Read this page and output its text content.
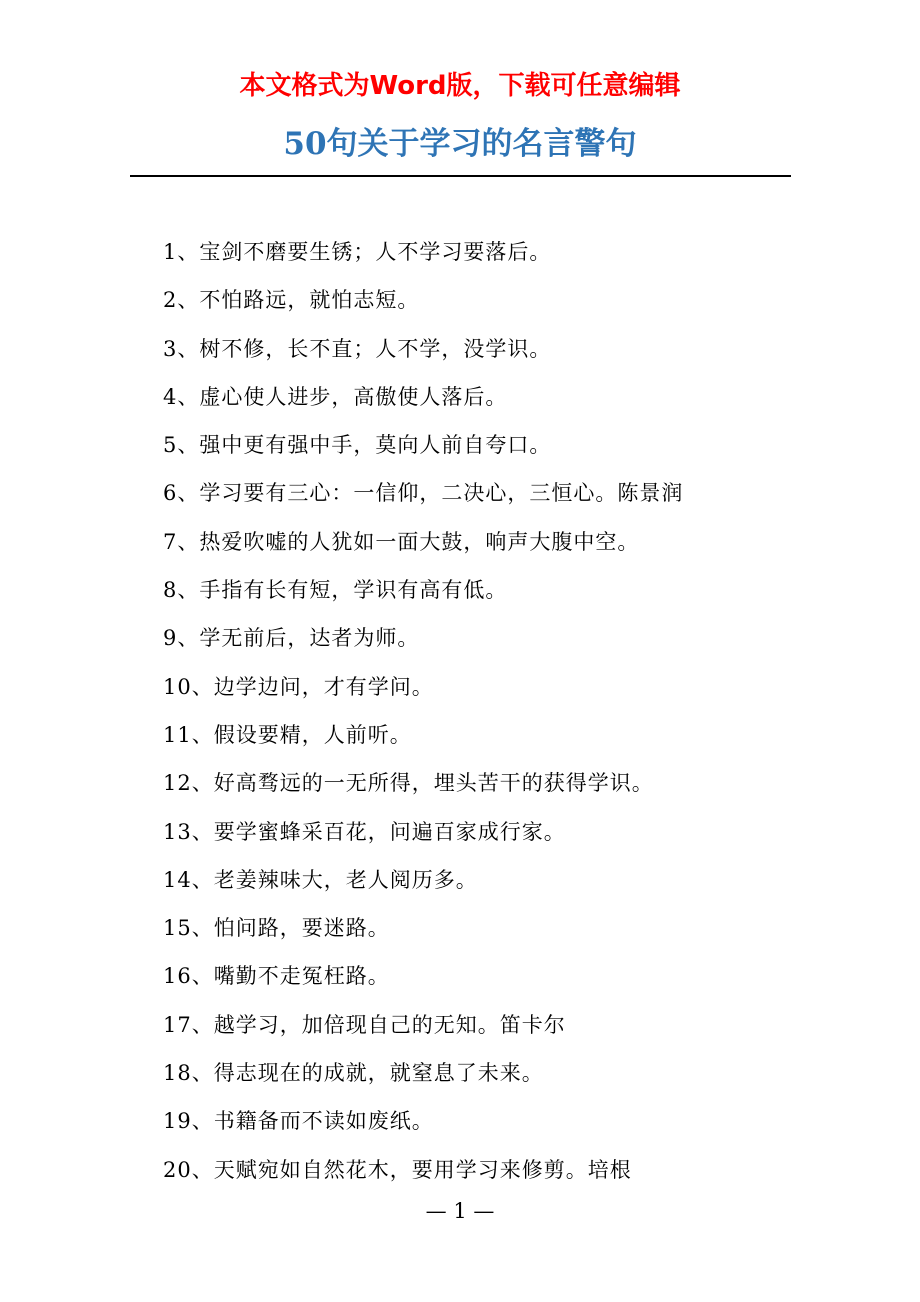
本文格式为Word版，下载可任意编辑
50句关于学习的名言警句
1、宝剑不磨要生锈；人不学习要落后。
2、不怕路远，就怕志短。
3、树不修，长不直；人不学，没学识。
4、虚心使人进步，高傲使人落后。
5、强中更有强中手，莫向人前自夸口。
6、学习要有三心：一信仰，二决心，三恒心。陈景润
7、热爱吹嘘的人犹如一面大鼓，响声大腹中空。
8、手指有长有短，学识有高有低。
9、学无前后，达者为师。
10、边学边问，才有学问。
11、假设要精，人前听。
12、好高骛远的一无所得，埋头苦干的获得学识。
13、要学蜜蜂采百花，问遍百家成行家。
14、老姜辣味大，老人阅历多。
15、怕问路，要迷路。
16、嘴勤不走冤枉路。
17、越学习，加倍现自己的无知。笛卡尔
18、得志现在的成就，就窒息了未来。
19、书籍备而不读如废纸。
20、天赋宛如自然花木，要用学习来修剪。培根
— 1 —
